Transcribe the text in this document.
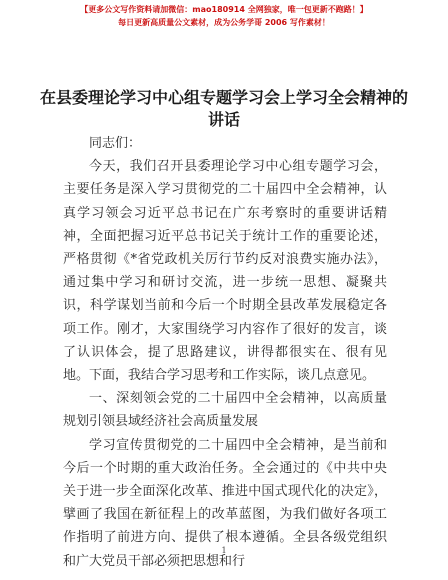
【更多公文写作资料请加微信：mao180914 全网独家，唯一包更新不跑路！】
每日更新高质量公文素材，成为公务学哥 2006 写作素材！
在县委理论学习中心组专题学习会上学习全会精神的讲话

同志们：

今天，我们召开县委理论学习中心组专题学习会，主要任务是深入学习贯彻党的二十届四中全会精神，认真学习领会习近平总书记在广东考察时的重要讲话精神，全面把握习近平总书记关于统计工作的重要论述，严格贯彻《*省党政机关厉行节约反对浪费实施办法》，通过集中学习和研讨交流，进一步统一思想、凝聚共识，科学谋划当前和今后一个时期全县改革发展稳定各项工作。刚才，大家围绕学习内容作了很好的发言，谈了认识体会，提了思路建议，讲得都很实在、很有见地。下面，我结合学习思考和工作实际，谈几点意见。

一、深刻领会党的二十届四中全会精神，以高质量规划引领县域经济社会高质量发展

学习宣传贯彻党的二十届四中全会精神，是当前和今后一个时期的重大政治任务。全会通过的《中共中央关于进一步全面深化改革、推进中国式现代化的决定》，擘画了我国在新征程上的改革蓝图，为我们做好各项工作指明了前进方向、提供了根本遵循。全县各级党组织和广大党员干部必须把思想和行

1
